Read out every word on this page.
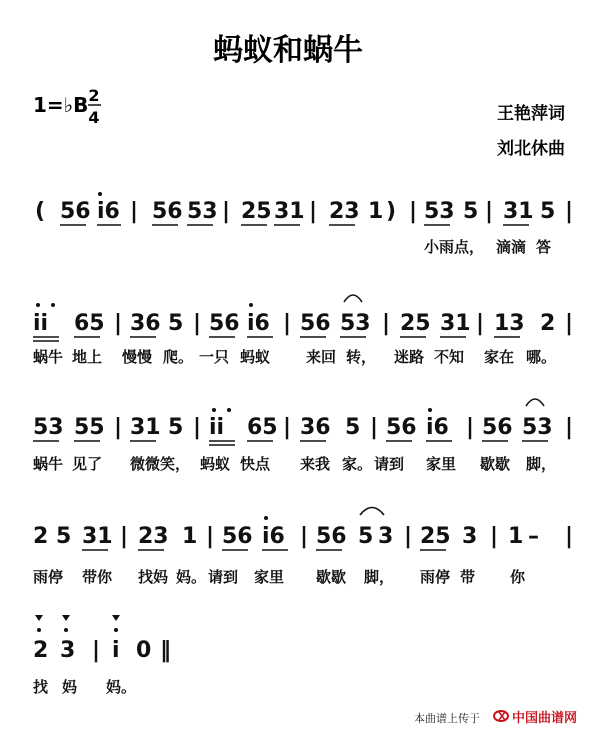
蚂蚁和蜗牛
1=♭B 2
4	王艳萍词
刘北休曲
( 56 i6 | 56 53 | 25 31 | 23 1 ) | 53 5 | 31 5 |
小雨点， 滴滴 答
ii 65 | 36 5 | 56 i6 | 56 53 | 25 31 | 13 2 |
蜗牛 地上 慢慢 爬。 一只 蚂蚁 来回 转， 迷路 不知 家在 哪。
53 55 | 31 5 | ii 65 | 36 5 | 56 i6 | 56 53 |
蜗牛 见了 微微笑， 蚂蚁 快点 来我 家。 请到 家里 歇歇 脚，
2 5 31 | 23 1 | 56 i6 | 56 5 3 | 25 3 | 1 – |
雨停 带你 找妈 妈。 请到 家里 歇歇 脚， 雨停 带 你
2 3 | i 0 ‖
找 妈 妈。
本曲谱上传于 中国曲谱网
